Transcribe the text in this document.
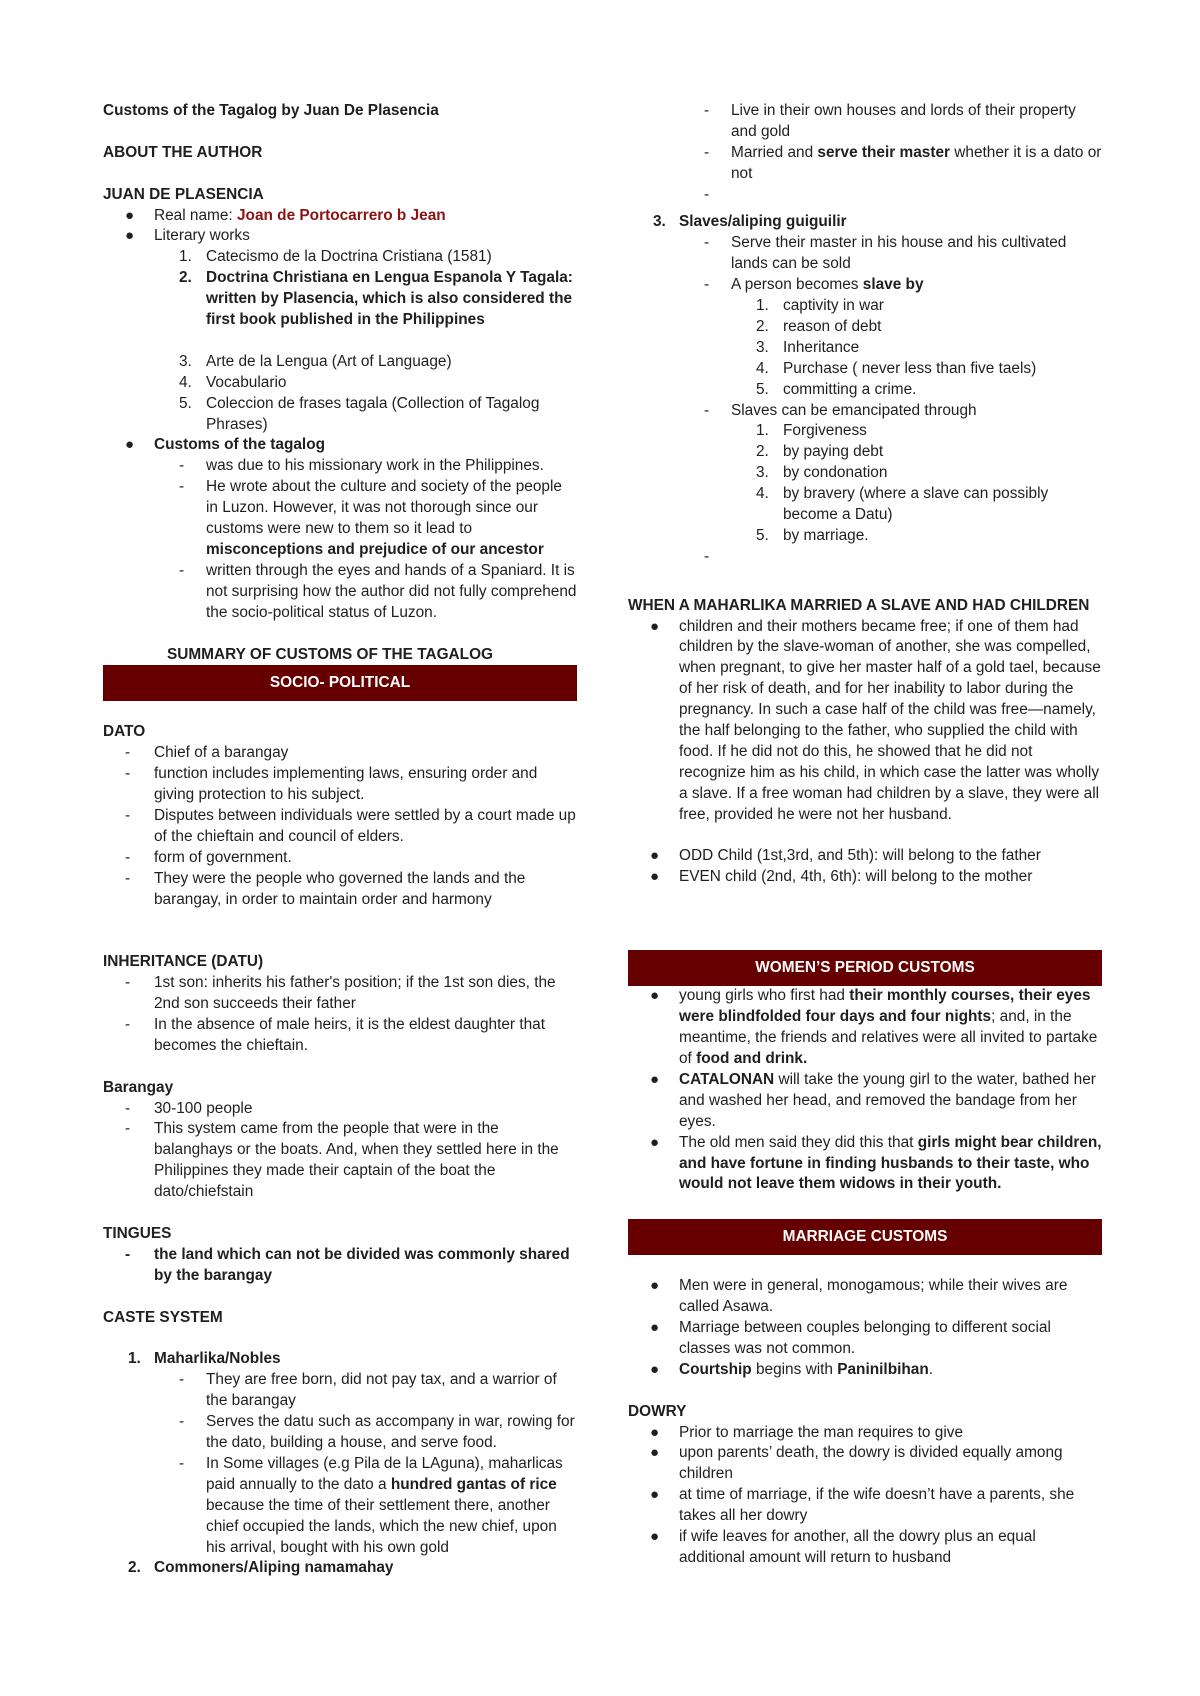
Customs of the Tagalog by Juan De Plasencia

ABOUT THE AUTHOR

JUAN DE PLASENCIA

● Real name: Joan de Portocarrero b Jean
● Literary works
1. Catecismo de la Doctrina Cristiana (1581)
2. Doctrina Christiana en Lengua Espanola Y Tagala: written by Plasencia, which is also considered the first book published in the Philippines
3. Arte de la Lengua (Art of Language)
4. Vocabulario
5. Coleccion de frases tagala (Collection of Tagalog Phrases)
● Customs of the tagalog
- was due to his missionary work in the Philippines.
- He wrote about the culture and society of the people in Luzon. However, it was not thorough since our customs were new to them so it lead to misconceptions and prejudice of our ancestor
- written through the eyes and hands of a Spaniard. It is not surprising how the author did not fully comprehend the socio-political status of Luzon.

SUMMARY OF CUSTOMS OF THE TAGALOG

SOCIO- POLITICAL

DATO

- Chief of a barangay
- function includes implementing laws, ensuring order and giving protection to his subject.
- Disputes between individuals were settled by a court made up of the chieftain and council of elders.
- form of government.
- They were the people who governed the lands and the barangay, in order to maintain order and harmony

INHERITANCE (DATU)

- 1st son: inherits his father's position; if the 1st son dies, the 2nd son succeeds their father
- In the absence of male heirs, it is the eldest daughter that becomes the chieftain.

Barangay

- 30-100 people
- This system came from the people that were in the balanghays or the boats. And, when they settled here in the Philippines they made their captain of the boat the dato/chiefstain

TINGUES

- the land which can not be divided was commonly shared by the barangay

CASTE SYSTEM

1. Maharlika/Nobles
- They are free born, did not pay tax, and a warrior of the barangay
- Serves the datu such as accompany in war, rowing for the dato, building a house, and serve food.
- In Some villages (e.g Pila de la LAguna), maharlicas paid annually to the dato a hundred gantas of rice because the time of their settlement there, another chief occupied the lands, which the new chief, upon his arrival, bought with his own gold
2. Commoners/Aliping namamahay
- Live in their own houses and lords of their property and gold
- Married and serve their master whether it is a dato or not
-
3. Slaves/aliping guiguilir
- Serve their master in his house and his cultivated lands can be sold
- A person becomes slave by
1. captivity in war
2. reason of debt
3. Inheritance
4. Purchase ( never less than five taels)
5. committing a crime.
- Slaves can be emancipated through
1. Forgiveness
2. by paying debt
3. by condonation
4. by bravery (where a slave can possibly become a Datu)
5. by marriage.
-

WHEN A MAHARLIKA MARRIED A SLAVE AND HAD CHILDREN

● children and their mothers became free; if one of them had children by the slave-woman of another, she was compelled, when pregnant, to give her master half of a gold tael, because of her risk of death, and for her inability to labor during the pregnancy. In such a case half of the child was free—namely, the half belonging to the father, who supplied the child with food. If he did not do this, he showed that he did not recognize him as his child, in which case the latter was wholly a slave. If a free woman had children by a slave, they were all free, provided he were not her husband.
● ODD Child (1st,3rd, and 5th): will belong to the father
● EVEN child (2nd, 4th, 6th): will belong to the mother

WOMEN’S PERIOD CUSTOMS

● young girls who first had their monthly courses, their eyes were blindfolded four days and four nights; and, in the meantime, the friends and relatives were all invited to partake of food and drink.
● CATALONAN will take the young girl to the water, bathed her and washed her head, and removed the bandage from her eyes.
● The old men said they did this that girls might bear children, and have fortune in finding husbands to their taste, who would not leave them widows in their youth.

MARRIAGE CUSTOMS

● Men were in general, monogamous; while their wives are called Asawa.
● Marriage between couples belonging to different social classes was not common.
● Courtship begins with Paninilbihan.

DOWRY

● Prior to marriage the man requires to give
● upon parents’ death, the dowry is divided equally among children
● at time of marriage, if the wife doesn’t have a parents, she takes all her dowry
● if wife leaves for another, all the dowry plus an equal additional amount will return to husband
